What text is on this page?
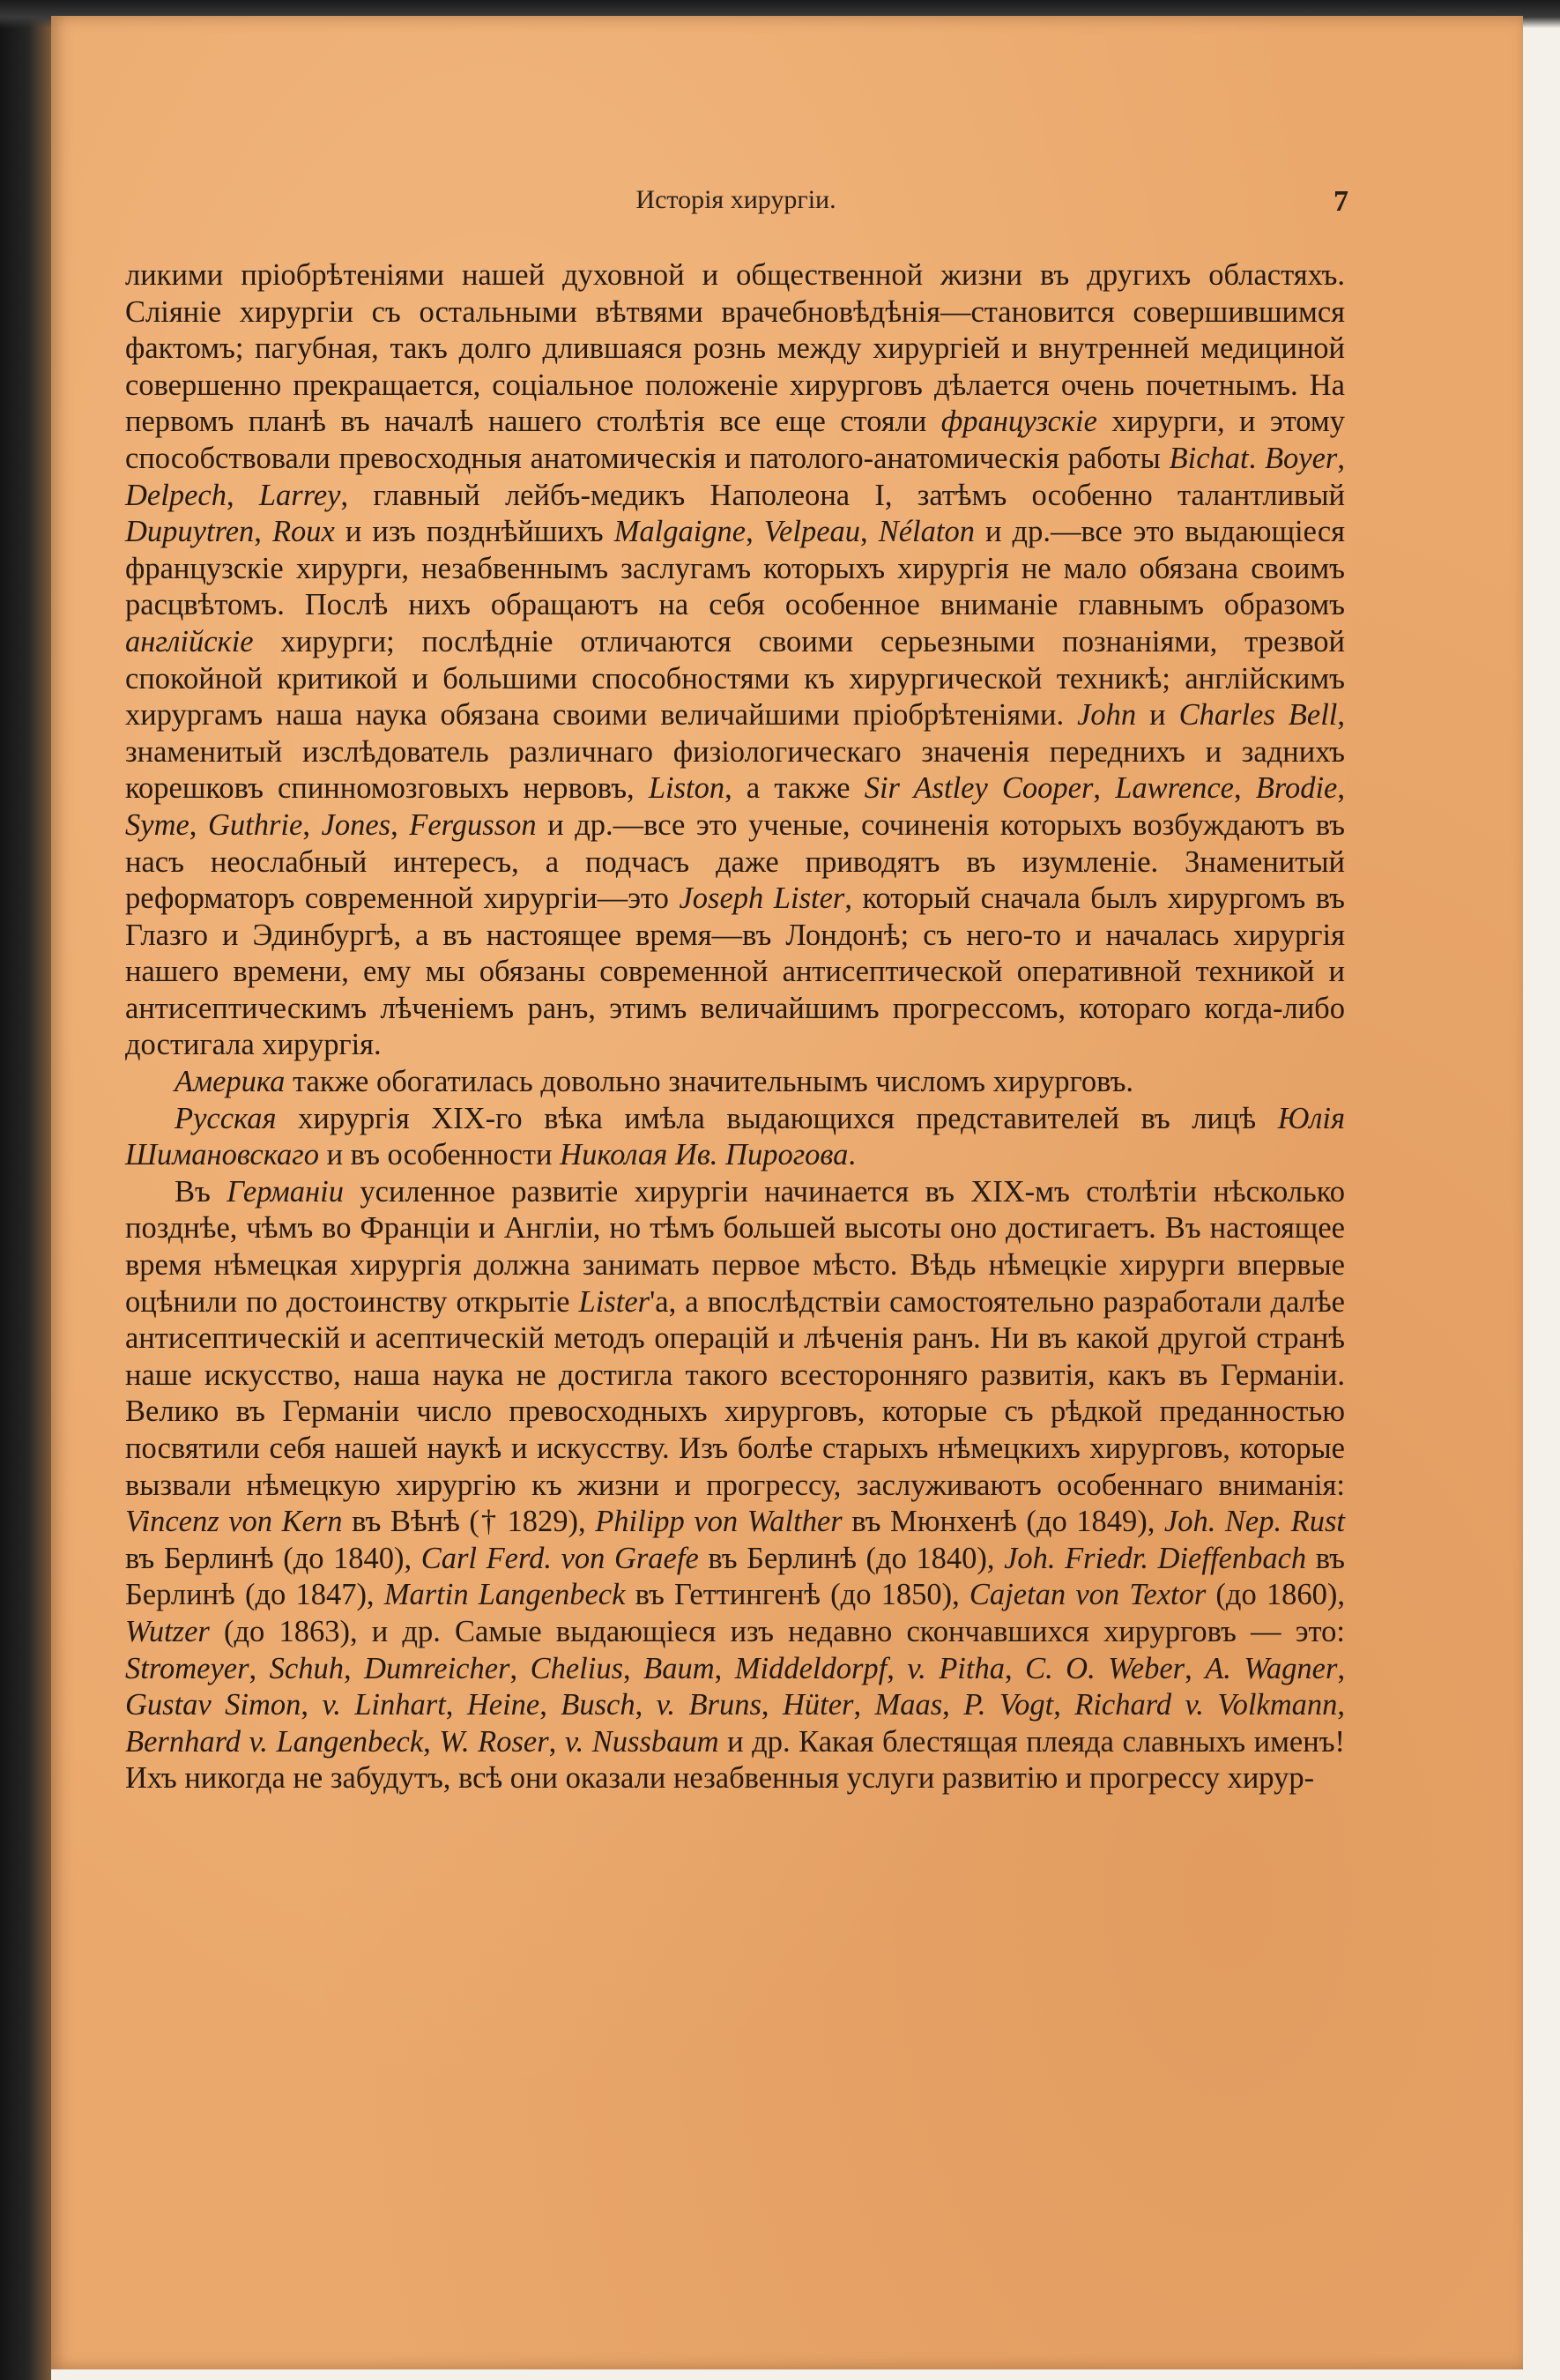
Исторія хирургіи.	7

ликими пріобрѣтеніями нашей духовной и общественной жизни въ другихъ областяхъ. Сліяніе хирургіи съ остальными вѣтвями врачебновѣдѣнія—становится совершившимся фактомъ; пагубная, такъ долго длившаяся рознь между хирургіей и внутренней медициной совершенно прекращается, соціальное положеніе хирурговъ дѣлается очень почетнымъ. На первомъ планѣ въ началѣ нашего столѣтія все еще стояли французскіе хирурги, и этому способствовали превосходныя анатомическія и патолого-анатомическія работы Bichat. Boyer, Delpech, Larrey, главный лейбъ-медикъ Наполеона I, затѣмъ особенно талантливый Dupuytren, Roux и изъ позднѣйшихъ Malgaigne, Velpeau, Nélaton и др.—все это выдающіеся французскіе хирурги, незабвеннымъ заслугамъ которыхъ хирургія не мало обязана своимъ расцвѣтомъ. Послѣ нихъ обращаютъ на себя особенное вниманіе главнымъ образомъ англійскіе хирурги; послѣдніе отличаются своими серьезными познаніями, трезвой спокойной критикой и большими способностями къ хирургической техникѣ; англійскимъ хирургамъ наша наука обязана своими величайшими пріобрѣтеніями. John и Charles Bell, знаменитый изслѣдователь различнаго физіологическаго значенія переднихъ и заднихъ корешковъ спинномозговыхъ нервовъ, Liston, а также Sir Astley Cooper, Lawrence, Brodie, Syme, Guthrie, Jones, Fergusson и др.—все это ученые, сочиненія которыхъ возбуждаютъ въ насъ неослабный интересъ, а подчасъ даже приводятъ въ изумленіе. Знаменитый реформаторъ современной хирургіи—это Joseph Lister, который сначала былъ хирургомъ въ Глазго и Эдинбургѣ, а въ настоящее время—въ Лондонѣ; съ него-то и началась хирургія нашего времени, ему мы обязаны современной антисептической оперативной техникой и антисептическимъ лѣченіемъ ранъ, этимъ величайшимъ прогрессомъ, котораго когда-либо достигала хирургія.

Америка также обогатилась довольно значительнымъ числомъ хирурговъ.

Русская хирургія XIX-го вѣка имѣла выдающихся представителей въ лицѣ Юлія Шимановскаго и въ особенности Николая Ив. Пирогова.

Въ Германіи усиленное развитіе хирургіи начинается въ XIX-мъ столѣтіи нѣсколько позднѣе, чѣмъ во Франціи и Англіи, но тѣмъ большей высоты оно достигаетъ. Въ настоящее время нѣмецкая хирургія должна занимать первое мѣсто. Вѣдь нѣмецкіе хирурги впервые оцѣнили по достоинству открытіе Lister'а, а впослѣдствіи самостоятельно разработали далѣе антисептическій и асептическій методъ операцій и лѣченія ранъ. Ни въ какой другой странѣ наше искусство, наша наука не достигла такого всесторонняго развитія, какъ въ Германіи. Велико въ Германіи число превосходныхъ хирурговъ, которые съ рѣдкой преданностью посвятили себя нашей наукѣ и искусству. Изъ болѣе старыхъ нѣмецкихъ хирурговъ, которые вызвали нѣмецкую хирургію къ жизни и прогрессу, заслуживаютъ особеннаго вниманія: Vincenz von Kern въ Вѣнѣ († 1829), Philipp von Walther въ Мюнхенѣ (до 1849), Joh. Nep. Rust въ Берлинѣ (до 1840), Carl Ferd. von Graefe въ Берлинѣ (до 1840), Joh. Friedr. Dieffenbach въ Берлинѣ (до 1847), Martin Langenbeck въ Геттингенѣ (до 1850), Cajetan von Textor (до 1860), Wutzer (до 1863), и др. Самые выдающіеся изъ недавно скончавшихся хирурговъ — это: Stromeyer, Schuh, Dumreicher, Chelius, Baum, Middeldorpf, v. Pitha, C. O. Weber, A. Wagner, Gustav Simon, v. Linhart, Heine, Busch, v. Bruns, Hüter, Maas, P. Vogt, Richard v. Volkmann, Bernhard v. Langenbeck, W. Roser, v. Nussbaum и др. Какая блестящая плеяда славныхъ именъ! Ихъ никогда не забудутъ, всѣ они оказали незабвенныя услуги развитію и прогрессу хирур-
